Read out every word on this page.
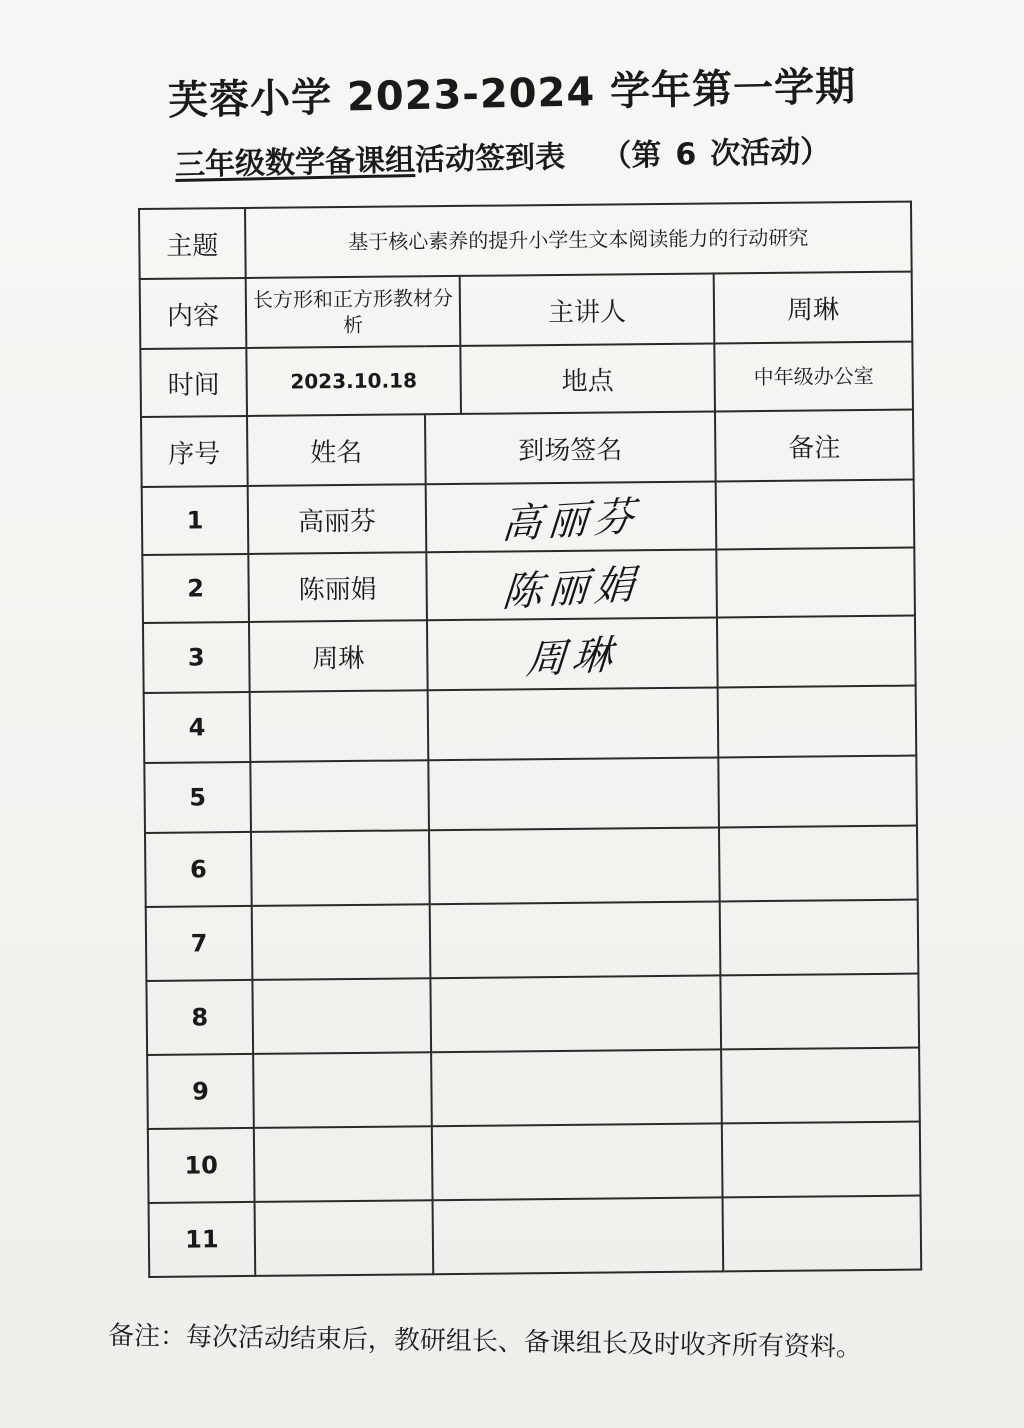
芙蓉小学 2023-2024 学年第一学期
三年级数学备课组活动签到表 （第 6 次活动）
主题	基于核心素养的提升小学生文本阅读能力的行动研究			
内容	长方形和正方形教材分析		主讲人	周琳
时间	2023.10.18		地点	中年级办公室
序号	姓名	到场签名		备注
1	高丽芬	高丽芬		
2	陈丽娟	陈丽娟		
3	周琳	周琳		
4				
5				
6				
7				
8				
9				
10				
11				
备注：每次活动结束后，教研组长、备课组长及时收齐所有资料。
